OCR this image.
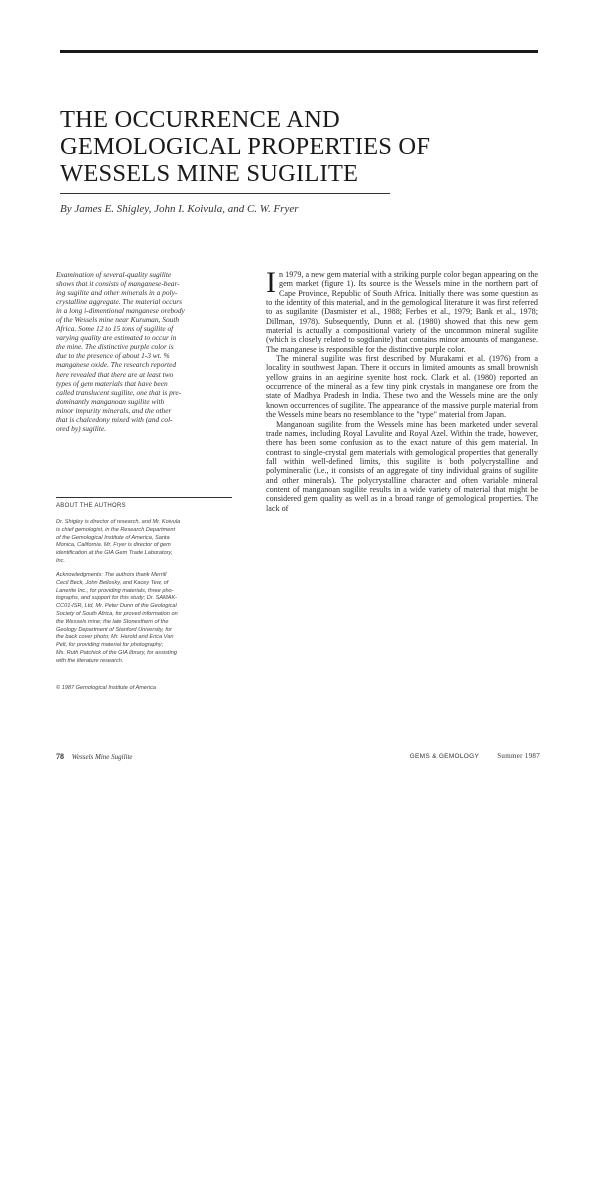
THE OCCURRENCE AND
GEMOLOGICAL PROPERTIES OF
WESSELS MINE SUGILITE
By James E. Shigley, John I. Koivula, and C. W. Fryer
Examination of several-quality sugilite
shows that it consists of manganese-bear-
ing sugilite and other minerals in a poly-
crystalline aggregate. The material occurs
in a long i-dimentional manganese orebody
of the Wessels mine near Kuruman, South
Africa. Some 12 to 15 tons of sugilite of
varying quality are estimated to occur in
the mine. The distinctive purple color is
due to the presence of about 1-3 wt. %
manganese oxide. The research reported
here revealed that there are at least two
types of gem materials that have been
called translucent sugilite, one that is pre-
dominantly manganoan sugilite with
minor impurity minerals, and the other
that is chalcedony mixed with (and col-
ored by) sugilite.
ABOUT THE AUTHORS
Dr. Shigley is director of research, and Mr. Koivula
is chief gemologist, in the Research Department
of the Gemological Institute of America, Santa
Monica, California. Mr. Fryer is director of gem
identification at the GIA Gem Trade Laboratory,
Inc.
Acknowledgments: The authors thank Merrill
Cecil Beck, John Bellosky, and Kacey Tew, of
Lanerite Inc., for providing materials, three pho-
tographs, and support for this study; Dr. SAMAK-
CC01-ISR, Ltd, Mr. Peter Dunn of the Geological
Society of South Africa, for proved information on
the Wessels mine; the late Stonesthem of the
Geology Department of Stanford University, for
the back cover photo; Mr. Harold and Erica Van
Pelt, for providing material for photography;
Ms. Ruth Patchick of the GIA library, for assisting
with the literature research.
© 1987 Gemological Institute of America

In 1979, a new gem material with a striking purple color began appearing on the gem market (figure 1). Its source is the Wessels mine in the northern part of Cape Province, Republic of South Africa. Initially there was some question as to the identity of this material, and in the gemological literature it was first referred to as sugilanite (Dasmister et al., 1988; Ferbes et al., 1979; Bank et al., 1978; Dillman, 1978). Subsequently, Dunn et al. (1980) showed that this new gem material is actually a compositional variety of the uncommon mineral sugilite (which is closely related to sogdianite) that contains minor amounts of manganese. The manganese is responsible for the distinctive purple color.

The mineral sugilite was first described by Murakami et al. (1976) from a locality in southwest Japan. There it occurs in limited amounts as small brownish yellow grains in an aegirine syenite host rock. Clark et al. (1980) reported an occurrence of the mineral as a few tiny pink crystals in manganese ore from the state of Madhya Pradesh in India. These two and the Wessels mine are the only known occurrences of sugilite. The appearance of the massive purple material from the Wessels mine bears no resemblance to the "type" material from Japan.

Manganoan sugilite from the Wessels mine has been marketed under several trade names, including Royal Lavulite and Royal Azel. Within the trade, however, there has been some confusion as to the exact nature of this gem material. In contrast to single-crystal gem materials with gemological properties that generally fall within well-defined limits, this sugilite is both polycrystalline and polymineralic (i.e., it consists of an aggregate of tiny individual grains of sugilite and other minerals). The polycrystalline character and often variable mineral content of manganoan sugilite results in a wide variety of material that might be considered gem quality as well as in a broad range of gemological properties. The lack of

78 Wessels Mine Sugilite	GEMS & GEMOLOGY	Summer 1987
